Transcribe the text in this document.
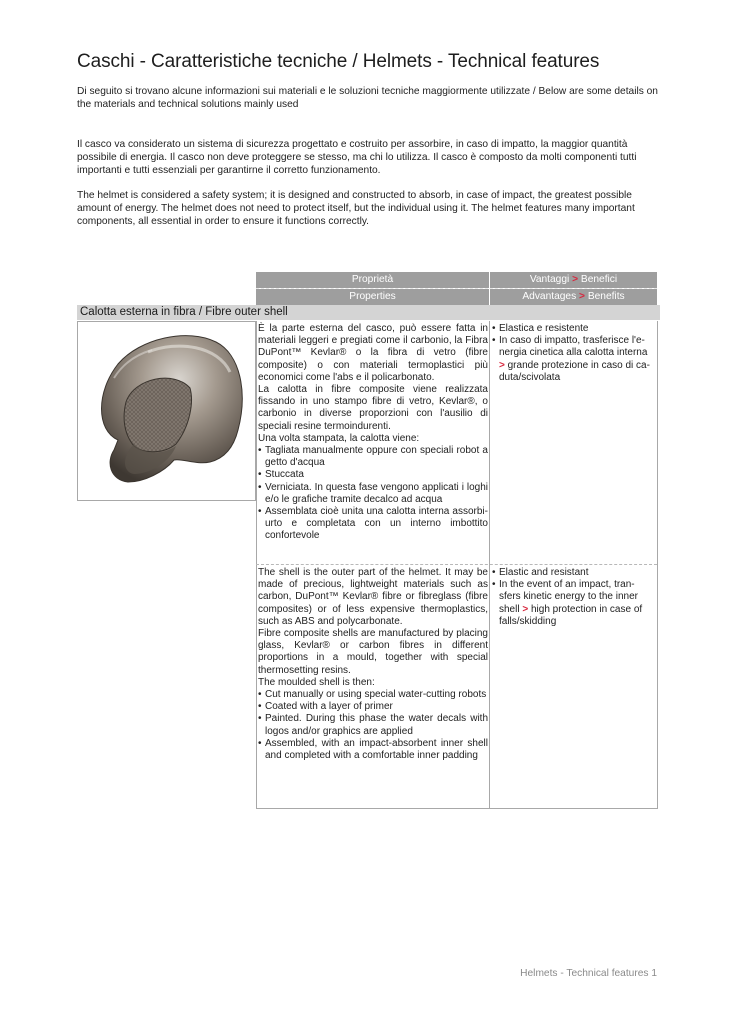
Caschi - Caratteristiche tecniche / Helmets - Technical features
Di seguito si trovano alcune informazioni sui materiali e le soluzioni tecniche maggiormente utilizzate / Below are some details on the materials and technical solutions mainly used
Il casco va considerato un sistema di sicurezza progettato e costruito per assorbire, in caso di impatto, la maggior quantità possibile di energia. Il casco non deve proteggere se stesso, ma chi lo utilizza. Il casco è composto da molti componenti tutti importanti e tutti essenziali per garantirne il corretto funzionamento.
The helmet is considered a safety system; it is designed and constructed to absorb, in case of impact, the greatest possible amount of energy. The helmet does not need to protect itself, but the individual using it. The helmet features many important components, all essential in order to ensure it functions correctly.
Proprietà	Vantaggi > Benefici
Properties	Advantages > Benefits
Calotta esterna in fibra / Fibre outer shell

È la parte esterna del casco, può essere fatta in materiali leggeri e pregiati come il carbonio, la Fibra DuPont™ Kevlar® o la fibra di vetro (fibre composite) o con materiali termoplastici più economici come l'abs e il policarbonato.

La calotta in fibre composite viene realizzata fissando in uno stampo fibre di vetro, Kevlar®, o carbonio in diverse proporzioni con l'ausilio di speciali resine termoindurenti.

Una volta stampata, la calotta viene:

• Tagliata manualmente oppure con speciali robot a getto d'acqua
• Stuccata
• Verniciata. In questa fase vengono applicati i loghi e/o le grafiche tramite decalco ad acqua
• Assemblata cioè unita una calotta interna assorbi-urto e completata con un interno imbottito confortevole
• Elastica e resistente
• In caso di impatto, trasferisce l'e-nergia cinetica alla calotta interna > grande protezione in caso di ca-duta/scivolata

The shell is the outer part of the helmet. It may be made of precious, lightweight materials such as carbon, DuPont™ Kevlar® fibre or fibreglass (fibre composites) or of less expensive thermoplastics, such as ABS and polycarbonate.

Fibre composite shells are manufactured by placing glass, Kevlar® or carbon fibres in different proportions in a mould, together with special thermosetting resins.

The moulded shell is then:

• Cut manually or using special water-cutting robots
• Coated with a layer of primer
• Painted. During this phase the water decals with logos and/or graphics are applied
• Assembled, with an impact-absorbent inner shell and completed with a comfortable inner padding
• Elastic and resistant
• In the event of an impact, tran-sfers kinetic energy to the inner shell > high protection in case of falls/skidding
Helmets - Technical features 1
